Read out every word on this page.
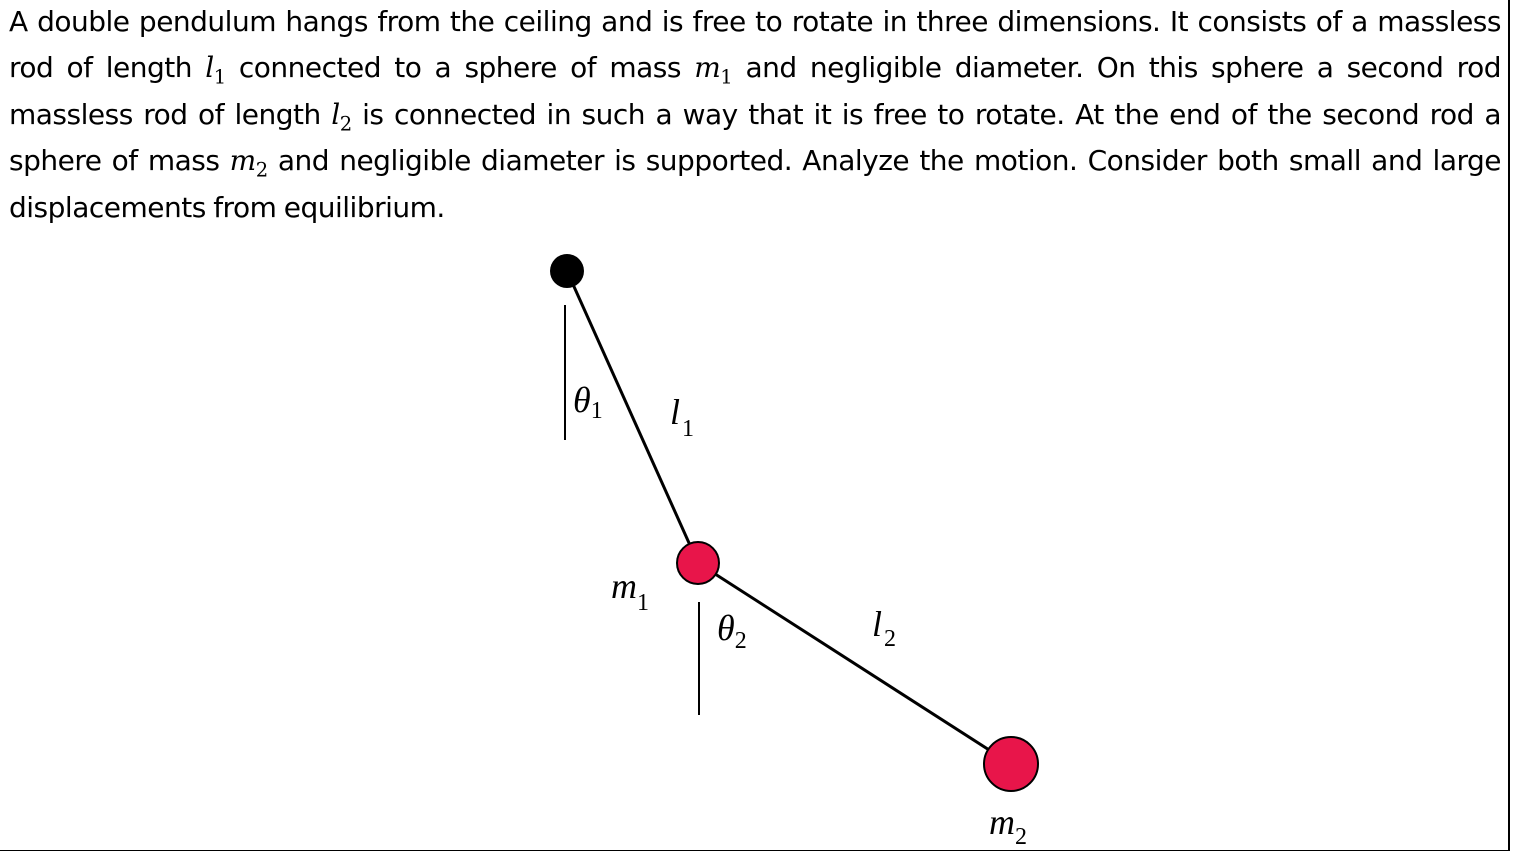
A double pendulum hangs from the ceiling and is free to rotate in three dimensions. It consists of a massless rod of length $l_1$ connected to a sphere of mass $m_1$ and negligible diameter. On this sphere a second rod massless rod of length $l_2$ is connected in such a way that it is free to rotate. At the end of the second rod a sphere of mass $m_2$ and negligible diameter is supported. Analyze the motion. Consider both small and large displacements from equilibrium.

θ1 $l_1$
$m_1$
$\theta_2$	$l_2$
$m_2$
